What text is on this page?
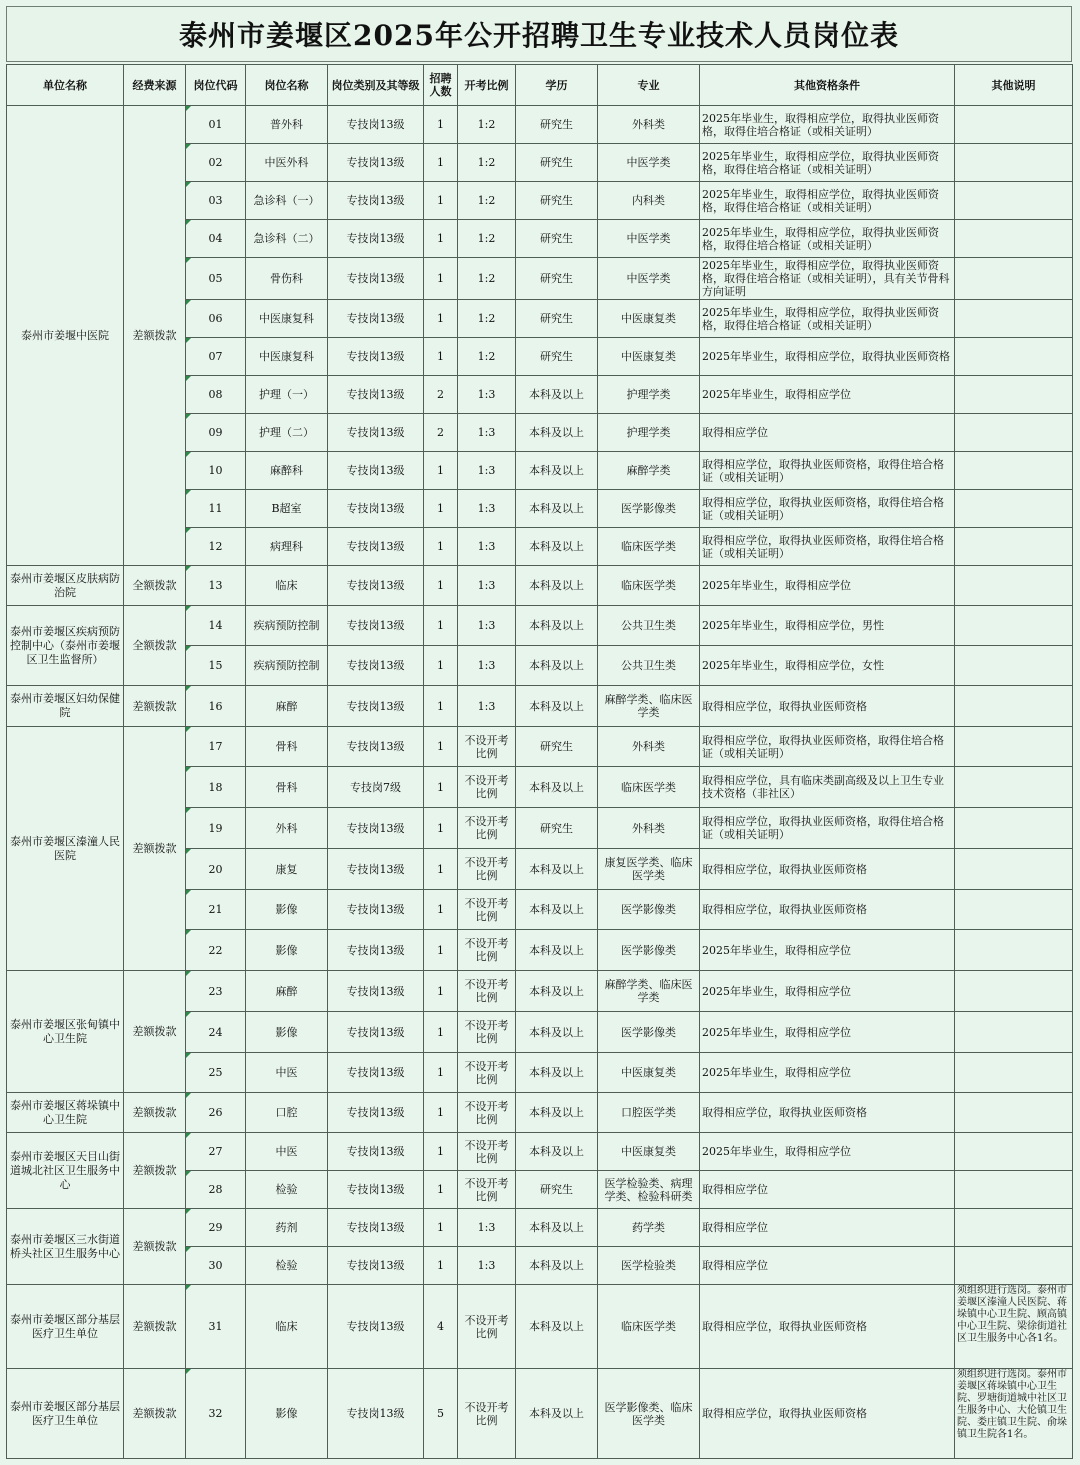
泰州市姜堰区2025年公开招聘卫生专业技术人员岗位表
单位名称	经费来源	岗位代码	岗位名称	岗位类别及其等级	招聘人数	开考比例	学历	专业	其他资格条件	其他说明
泰州市姜堰中医院	差额拨款	01	普外科	专技岗13级	1	1:2	研究生	外科类	2025年毕业生，取得相应学位，取得执业医师资格，取得住培合格证（或相关证明）	
		02	中医外科	专技岗13级	1	1:2	研究生	中医学类	2025年毕业生，取得相应学位，取得执业医师资格，取得住培合格证（或相关证明）	
		03	急诊科（一）	专技岗13级	1	1:2	研究生	内科类	2025年毕业生，取得相应学位，取得执业医师资格，取得住培合格证（或相关证明）	
		04	急诊科（二）	专技岗13级	1	1:2	研究生	中医学类	2025年毕业生，取得相应学位，取得执业医师资格，取得住培合格证（或相关证明）	
		05	骨伤科	专技岗13级	1	1:2	研究生	中医学类	2025年毕业生，取得相应学位，取得执业医师资格，取得住培合格证（或相关证明），具有关节骨科方向证明	
		06	中医康复科	专技岗13级	1	1:2	研究生	中医康复类	2025年毕业生，取得相应学位，取得执业医师资格，取得住培合格证（或相关证明）	
		07	中医康复科	专技岗13级	1	1:2	研究生	中医康复类	2025年毕业生，取得相应学位，取得执业医师资格	
		08	护理（一）	专技岗13级	2	1:3	本科及以上	护理学类	2025年毕业生，取得相应学位	
		09	护理（二）	专技岗13级	2	1:3	本科及以上	护理学类	取得相应学位	
		10	麻醉科	专技岗13级	1	1:3	本科及以上	麻醉学类	取得相应学位，取得执业医师资格，取得住培合格证（或相关证明）	
		11	B超室	专技岗13级	1	1:3	本科及以上	医学影像类	取得相应学位，取得执业医师资格，取得住培合格证（或相关证明）	
		12	病理科	专技岗13级	1	1:3	本科及以上	临床医学类	取得相应学位，取得执业医师资格，取得住培合格证（或相关证明）	
泰州市姜堰区皮肤病防治院	全额拨款	13	临床	专技岗13级	1	1:3	本科及以上	临床医学类	2025年毕业生，取得相应学位	
泰州市姜堰区疾病预防控制中心（泰州市姜堰区卫生监督所）	全额拨款	14	疾病预防控制	专技岗13级	1	1:3	本科及以上	公共卫生类	2025年毕业生，取得相应学位，男性	
		15	疾病预防控制	专技岗13级	1	1:3	本科及以上	公共卫生类	2025年毕业生，取得相应学位，女性	
泰州市姜堰区妇幼保健院	差额拨款	16	麻醉	专技岗13级	1	1:3	本科及以上	麻醉学类、临床医学类	取得相应学位，取得执业医师资格	
泰州市姜堰区溱潼人民医院	差额拨款	17	骨科	专技岗13级	1	不设开考比例	研究生	外科类	取得相应学位，取得执业医师资格，取得住培合格证（或相关证明）	
		18	骨科	专技岗7级	1	不设开考比例	本科及以上	临床医学类	取得相应学位，具有临床类副高级及以上卫生专业技术资格（非社区）	
		19	外科	专技岗13级	1	不设开考比例	研究生	外科类	取得相应学位，取得执业医师资格，取得住培合格证（或相关证明）	
		20	康复	专技岗13级	1	不设开考比例	本科及以上	康复医学类、临床医学类	取得相应学位，取得执业医师资格	
		21	影像	专技岗13级	1	不设开考比例	本科及以上	医学影像类	取得相应学位，取得执业医师资格	
		22	影像	专技岗13级	1	不设开考比例	本科及以上	医学影像类	2025年毕业生，取得相应学位	
泰州市姜堰区张甸镇中心卫生院	差额拨款	23	麻醉	专技岗13级	1	不设开考比例	本科及以上	麻醉学类、临床医学类	2025年毕业生，取得相应学位	
		24	影像	专技岗13级	1	不设开考比例	本科及以上	医学影像类	2025年毕业生，取得相应学位	
		25	中医	专技岗13级	1	不设开考比例	本科及以上	中医康复类	2025年毕业生，取得相应学位	
泰州市姜堰区蒋垛镇中心卫生院	差额拨款	26	口腔	专技岗13级	1	不设开考比例	本科及以上	口腔医学类	取得相应学位，取得执业医师资格	
泰州市姜堰区天目山街道城北社区卫生服务中心	差额拨款	27	中医	专技岗13级	1	不设开考比例	本科及以上	中医康复类	2025年毕业生，取得相应学位	
		28	检验	专技岗13级	1	不设开考比例	研究生	医学检验类、病理学类、检验科研类	取得相应学位	
泰州市姜堰区三水街道桥头社区卫生服务中心	差额拨款	29	药剂	专技岗13级	1	1:3	本科及以上	药学类	取得相应学位	
		30	检验	专技岗13级	1	1:3	本科及以上	医学检验类	取得相应学位	
泰州市姜堰区部分基层医疗卫生单位	差额拨款	31	临床	专技岗13级	4	不设开考比例	本科及以上	临床医学类	取得相应学位，取得执业医师资格	须组织进行选岗。泰州市姜堰区溱潼人民医院、蒋垛镇中心卫生院、顾高镇中心卫生院、梁徐街道社区卫生服务中心各1名。
泰州市姜堰区部分基层医疗卫生单位	差额拨款	32	影像	专技岗13级	5	不设开考比例	本科及以上	医学影像类、临床医学类	取得相应学位，取得执业医师资格	须组织进行选岗。泰州市姜堰区蒋垛镇中心卫生院、罗塘街道城中社区卫生服务中心、大伦镇卫生院、娄庄镇卫生院、俞垛镇卫生院各1名。
